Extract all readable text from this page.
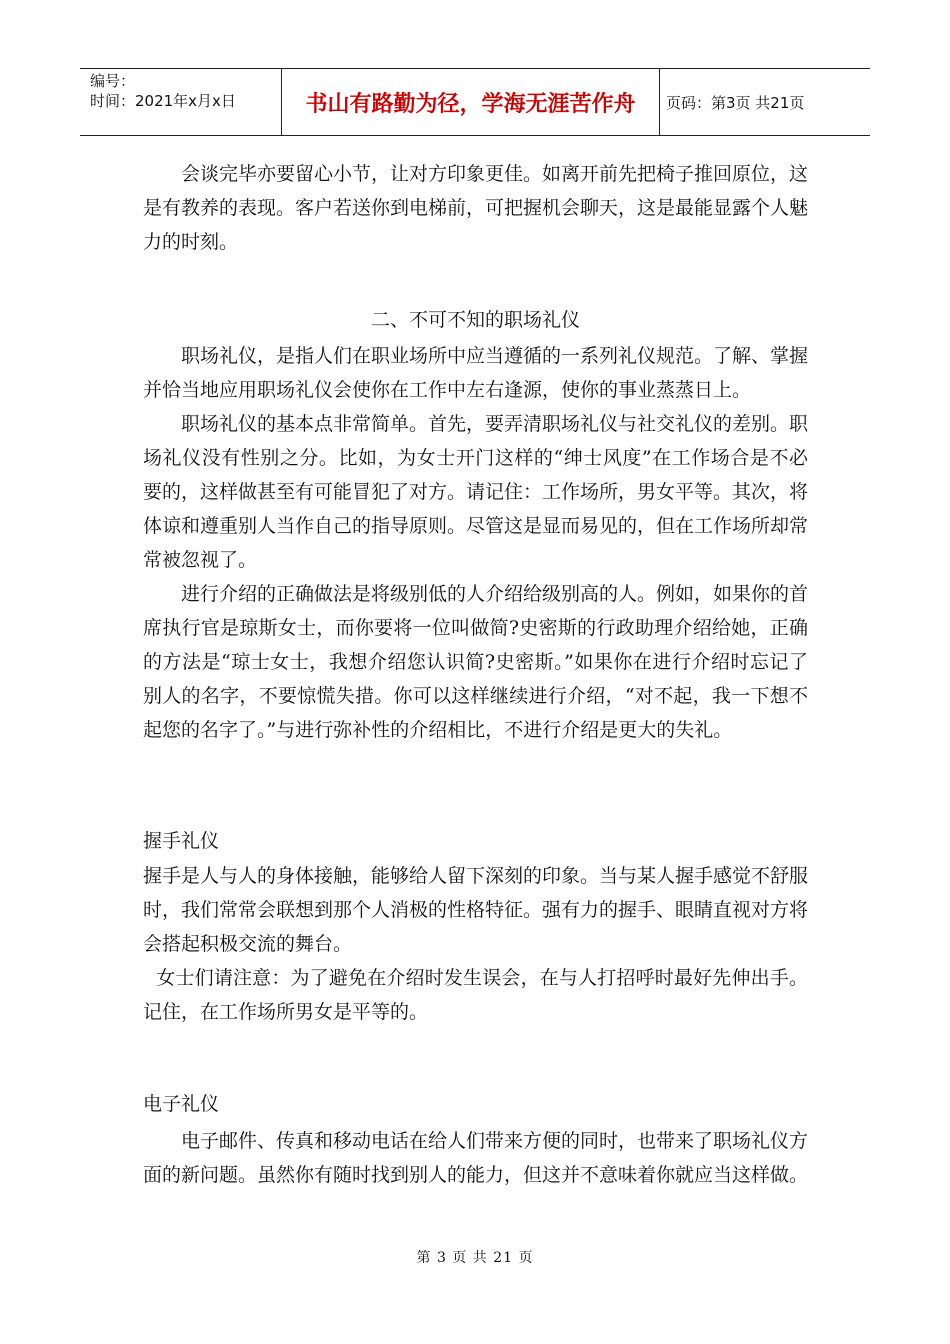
编号：
时间：2021年x月x日	书山有路勤为径，学海无涯苦作舟	页码：第3页 共21页

会谈完毕亦要留心小节，让对方印象更佳。如离开前先把椅子推回原位，这是有教养的表现。客户若送你到电梯前，可把握机会聊天，这是最能显露个人魅力的时刻。

二、不可不知的职场礼仪

职场礼仪，是指人们在职业场所中应当遵循的一系列礼仪规范。了解、掌握并恰当地应用职场礼仪会使你在工作中左右逢源，使你的事业蒸蒸日上。

职场礼仪的基本点非常简单。首先，要弄清职场礼仪与社交礼仪的差别。职场礼仪没有性别之分。比如，为女士开门这样的“绅士风度”在工作场合是不必要的，这样做甚至有可能冒犯了对方。请记住：工作场所，男女平等。其次，将体谅和遵重别人当作自己的指导原则。尽管这是显而易见的，但在工作场所却常常被忽视了。

进行介绍的正确做法是将级别低的人介绍给级别高的人。例如，如果你的首席执行官是琼斯女士，而你要将一位叫做简?史密斯的行政助理介绍给她，正确的方法是“琼士女士，我想介绍您认识简?史密斯。”如果你在进行介绍时忘记了别人的名字，不要惊慌失措。你可以这样继续进行介绍，“对不起，我一下想不起您的名字了。”与进行弥补性的介绍相比，不进行介绍是更大的失礼。

握手礼仪

握手是人与人的身体接触，能够给人留下深刻的印象。当与某人握手感觉不舒服时，我们常常会联想到那个人消极的性格特征。强有力的握手、眼睛直视对方将会搭起积极交流的舞台。

女士们请注意：为了避免在介绍时发生误会，在与人打招呼时最好先伸出手。记住，在工作场所男女是平等的。

电子礼仪

电子邮件、传真和移动电话在给人们带来方便的同时，也带来了职场礼仪方面的新问题。虽然你有随时找到别人的能力，但这并不意味着你就应当这样做。

第 3 页 共 21 页
